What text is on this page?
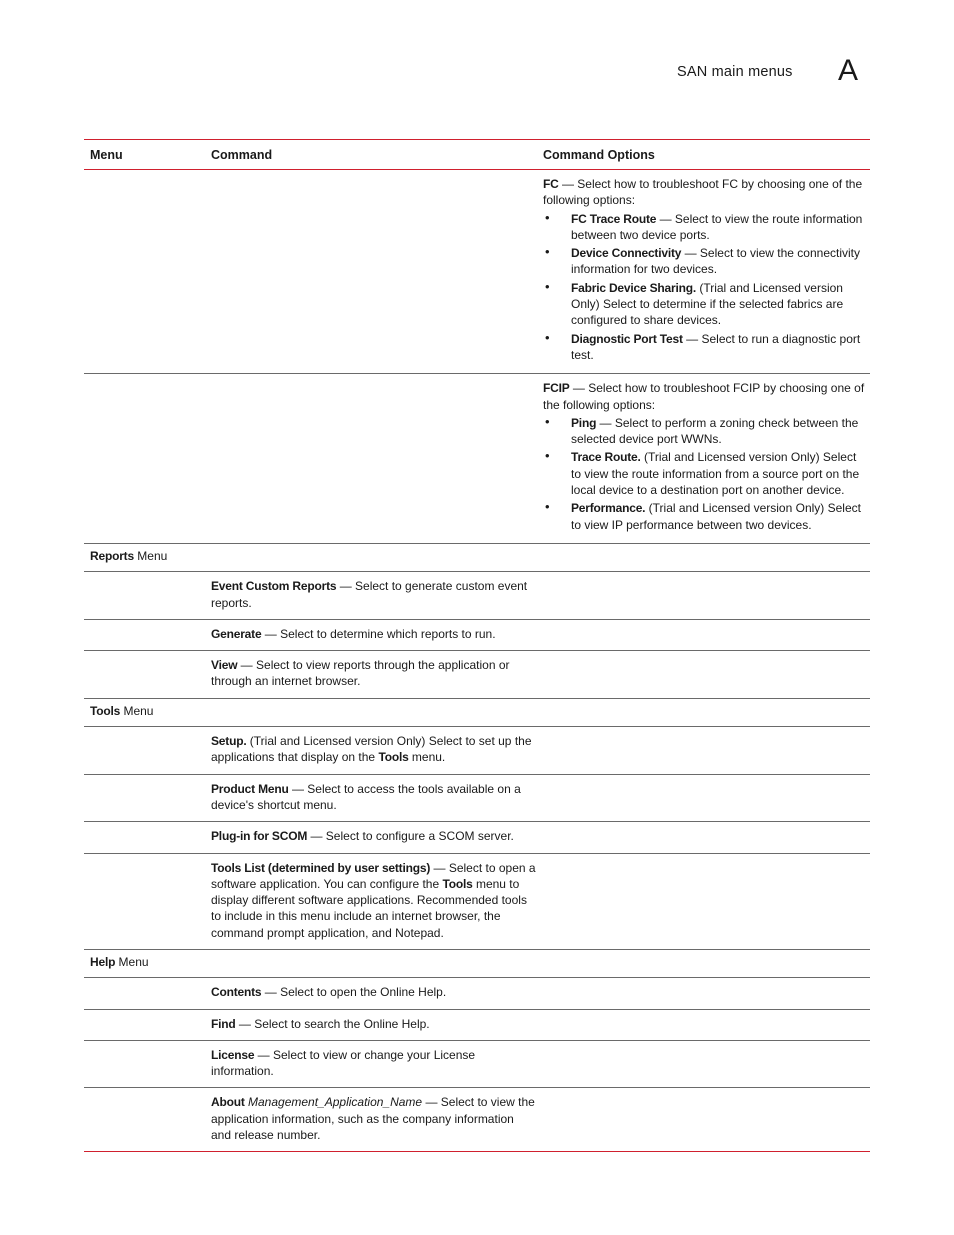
SAN main menus A
Menu	Command	Command Options
FC — Select how to troubleshoot FC by choosing one of the following options:
• FC Trace Route — Select to view the route information between two device ports.
• Device Connectivity — Select to view the connectivity information for two devices.
• Fabric Device Sharing. (Trial and Licensed version Only) Select to determine if the selected fabrics are configured to share devices.
• Diagnostic Port Test — Select to run a diagnostic port test.
FCIP — Select how to troubleshoot FCIP by choosing one of the following options:
• Ping — Select to perform a zoning check between the selected device port WWNs.
• Trace Route. (Trial and Licensed version Only) Select to view the route information from a source port on the local device to a destination port on another device.
• Performance. (Trial and Licensed version Only) Select to view IP performance between two devices.
Reports Menu
Event Custom Reports — Select to generate custom event reports.
Generate — Select to determine which reports to run.
View — Select to view reports through the application or through an internet browser.
Tools Menu
Setup. (Trial and Licensed version Only) Select to set up the applications that display on the Tools menu.
Product Menu — Select to access the tools available on a device's shortcut menu.
Plug-in for SCOM — Select to configure a SCOM server.
Tools List (determined by user settings) — Select to open a software application. You can configure the Tools menu to display different software applications. Recommended tools to include in this menu include an internet browser, the command prompt application, and Notepad.
Help Menu
Contents — Select to open the Online Help.
Find — Select to search the Online Help.
License — Select to view or change your License information.
About Management_Application_Name — Select to view the application information, such as the company information and release number.
